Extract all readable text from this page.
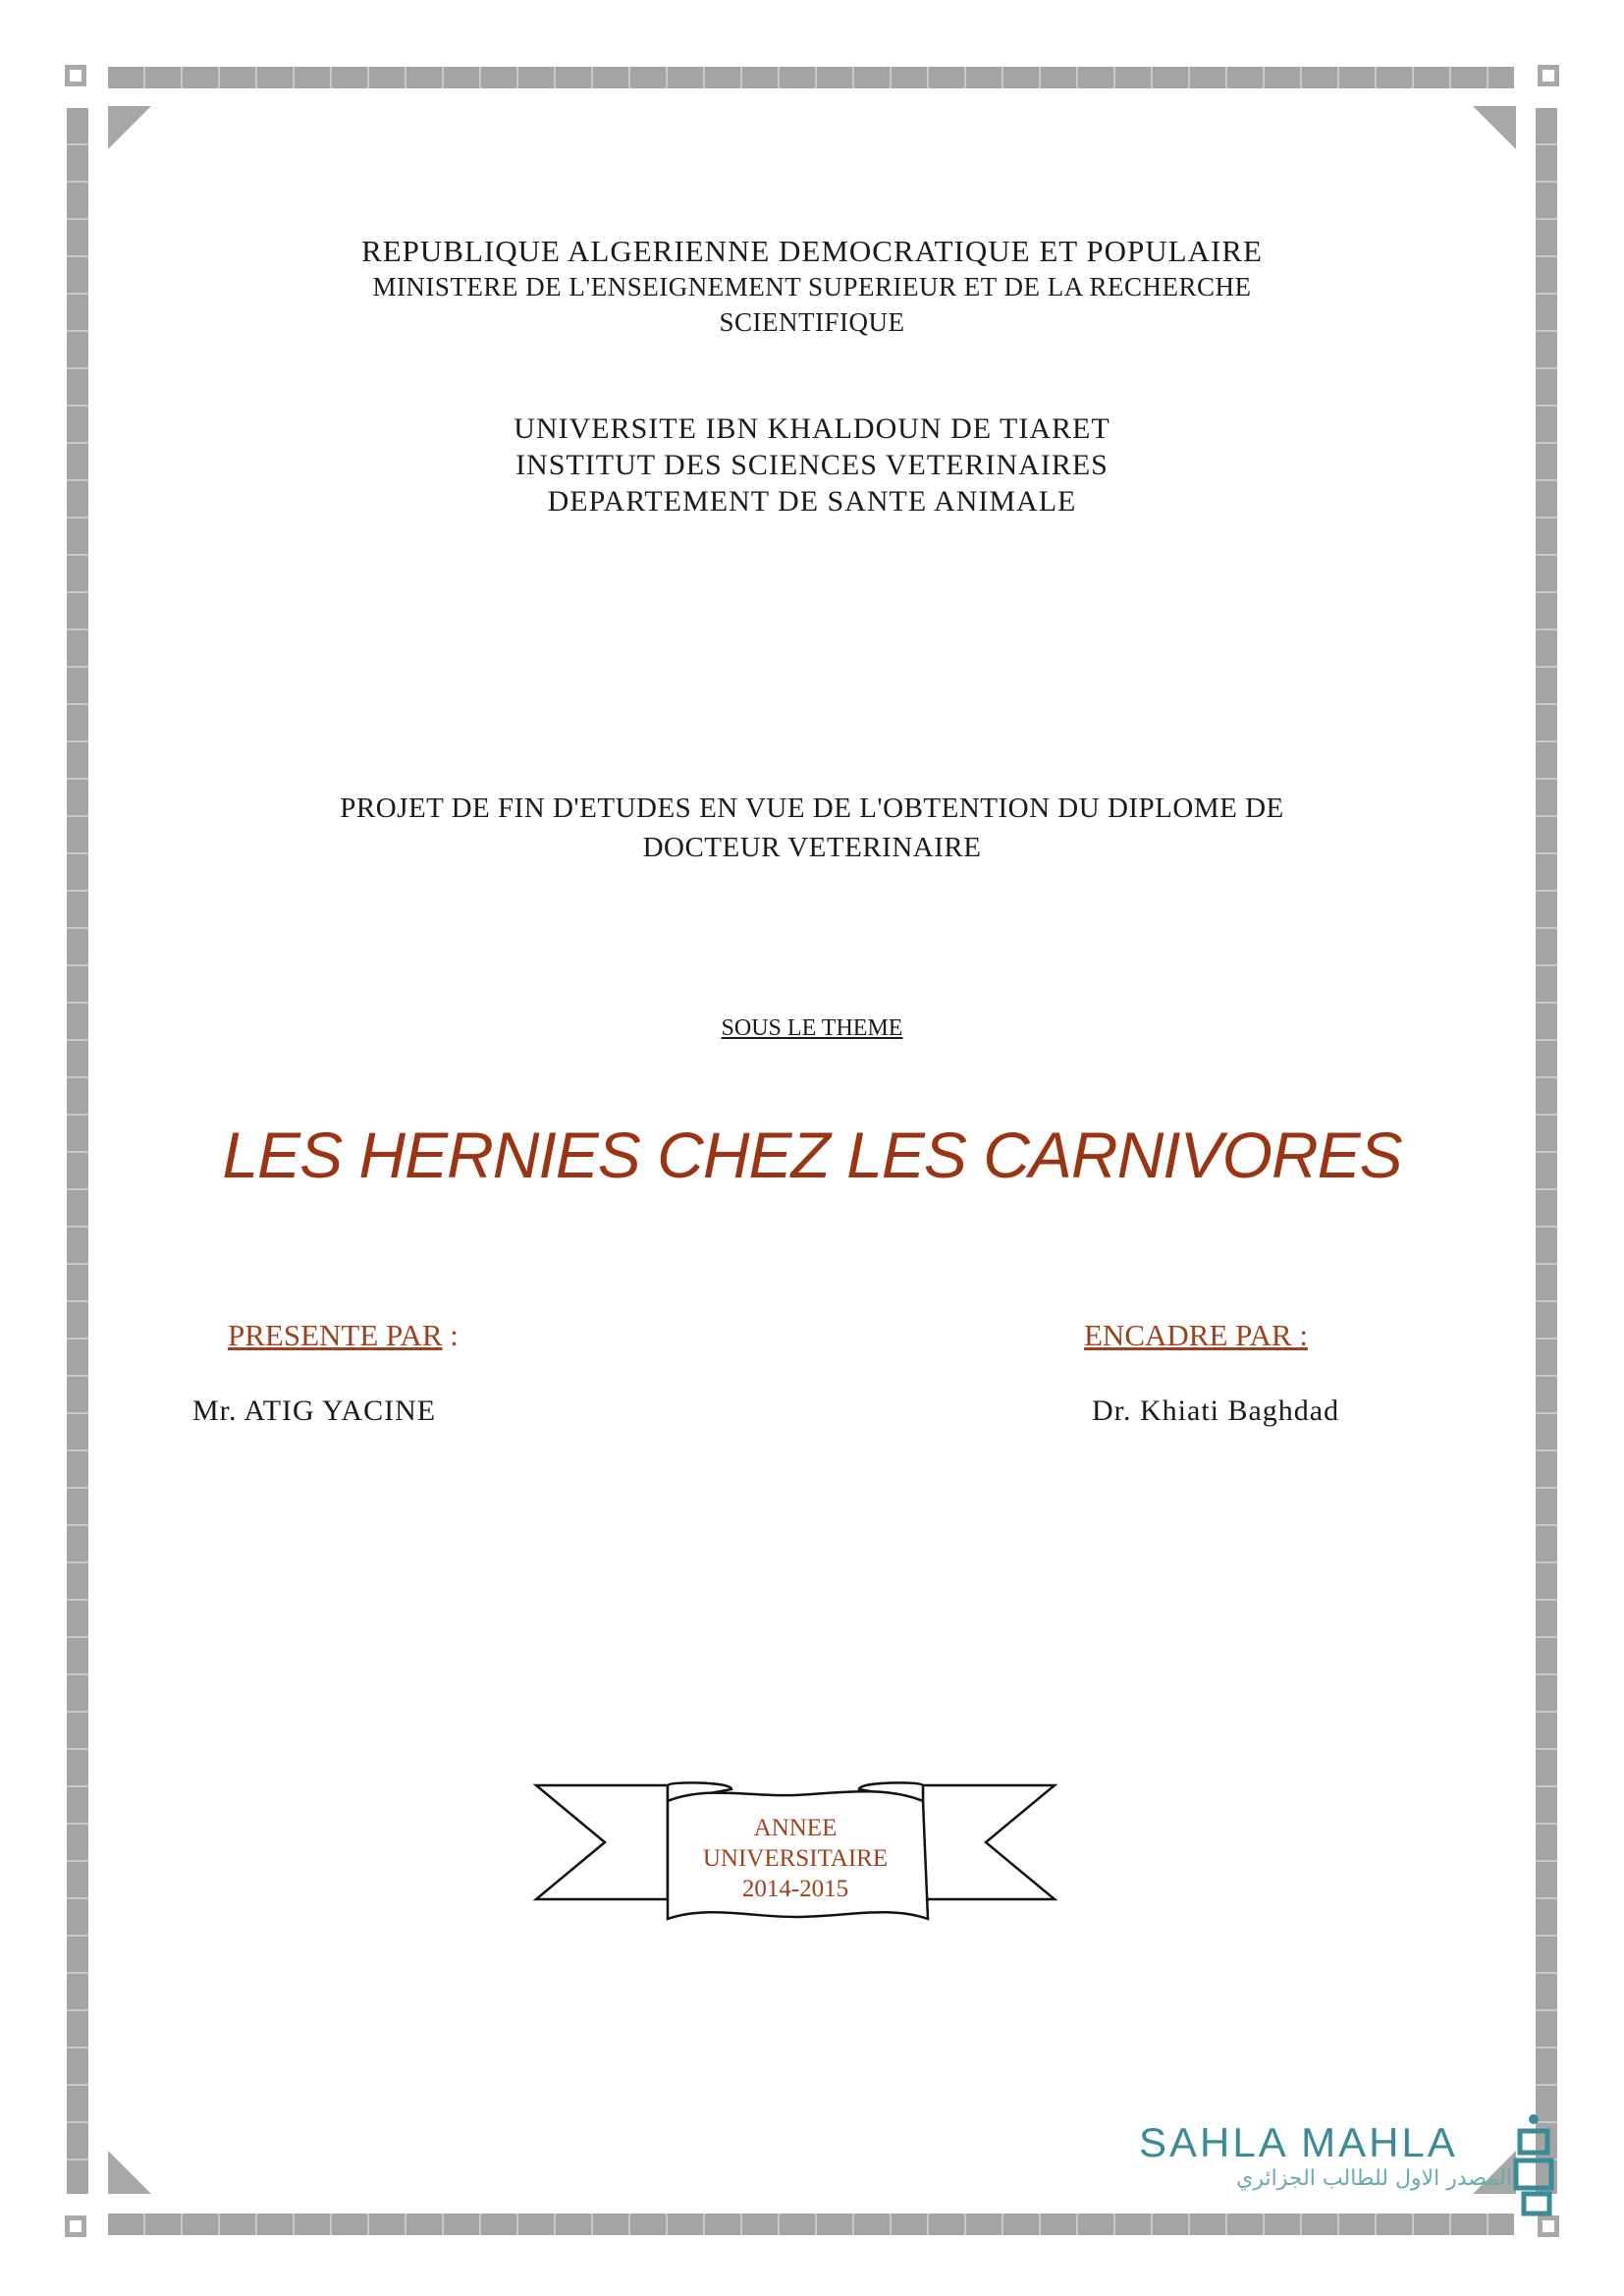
REPUBLIQUE ALGERIENNE DEMOCRATIQUE ET POPULAIRE
MINISTERE DE L'ENSEIGNEMENT SUPERIEUR ET DE LA RECHERCHE
SCIENTIFIQUE
UNIVERSITE IBN KHALDOUN DE TIARET
INSTITUT DES SCIENCES VETERINAIRES
DEPARTEMENT DE SANTE ANIMALE
PROJET DE FIN D'ETUDES EN VUE DE L'OBTENTION DU DIPLOME DE
DOCTEUR VETERINAIRE
SOUS LE THEME
LES HERNIES CHEZ LES CARNIVORES
PRESENTE PAR :
Mr. ATIG YACINE
ENCADRE PAR :
Dr. Khiati Baghdad
ANNEE
UNIVERSITAIRE
2014-2015
SAHLA MAHLA
المصدر الاول للطالب الجزائري
